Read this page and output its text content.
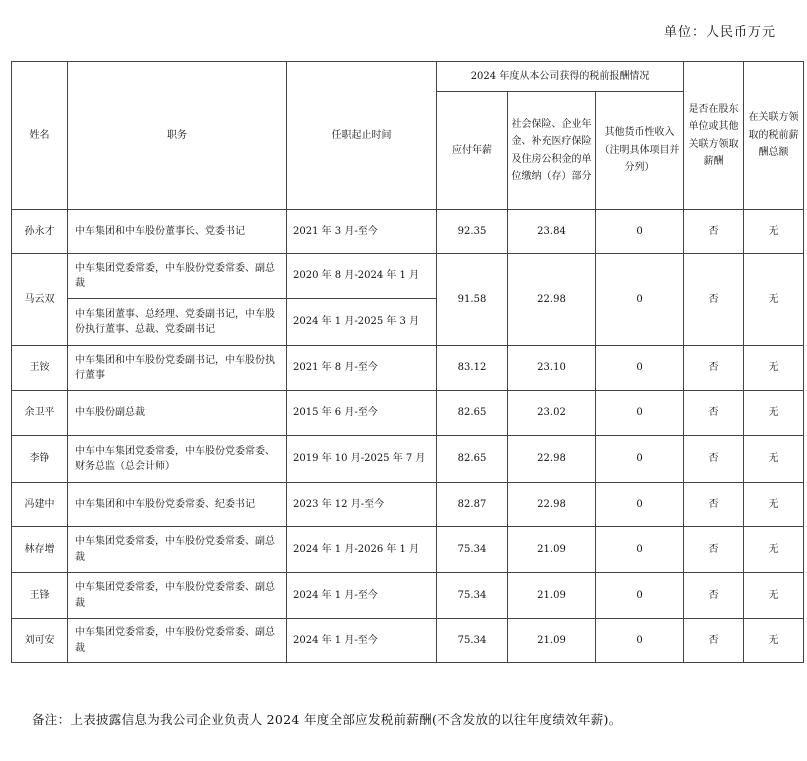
单位：人民币万元
姓名	职务	任职起止时间	2024 年度从本公司获得的税前报酬情况			是否在股东单位或其他关联方领取薪酬	在关联方领取的税前薪酬总额
			应付年薪	社会保险、企业年金、补充医疗保险及住房公积金的单位缴纳（存）部分	其他货币性收入（注明具体项目并分列）		
孙永才	中车集团和中车股份董事长、党委书记	2021 年 3 月-至今	92.35	23.84	0	否	无
马云双	中车集团党委常委，中车股份党委常委、副总裁	2020 年 8 月-2024 年 1 月	91.58	22.98	0	否	无
	中车集团董事、总经理、党委副书记，中车股份执行董事、总裁、党委副书记	2024 年 1 月-2025 年 3 月					
王铵	中车集团和中车股份党委副书记，中车股份执行董事	2021 年 8 月-至今	83.12	23.10	0	否	无
余卫平	中车股份副总裁	2015 年 6 月-至今	82.65	23.02	0	否	无
李铮	中车中车集团党委常委，中车股份党委常委、财务总监（总会计师）	2019 年 10 月-2025 年 7 月	82.65	22.98	0	否	无
冯建中	中车集团和中车股份党委常委、纪委书记	2023 年 12 月-至今	82.87	22.98	0	否	无
林存增	中车集团党委常委，中车股份党委常委、副总裁	2024 年 1 月-2026 年 1 月	75.34	21.09	0	否	无
王锋	中车集团党委常委，中车股份党委常委、副总裁	2024 年 1 月-至今	75.34	21.09	0	否	无
刘可安	中车集团党委常委，中车股份党委常委、副总裁	2024 年 1 月-至今	75.34	21.09	0	否	无
备注：上表披露信息为我公司企业负责人 2024 年度全部应发税前薪酬(不含发放的以往年度绩效年薪)。
